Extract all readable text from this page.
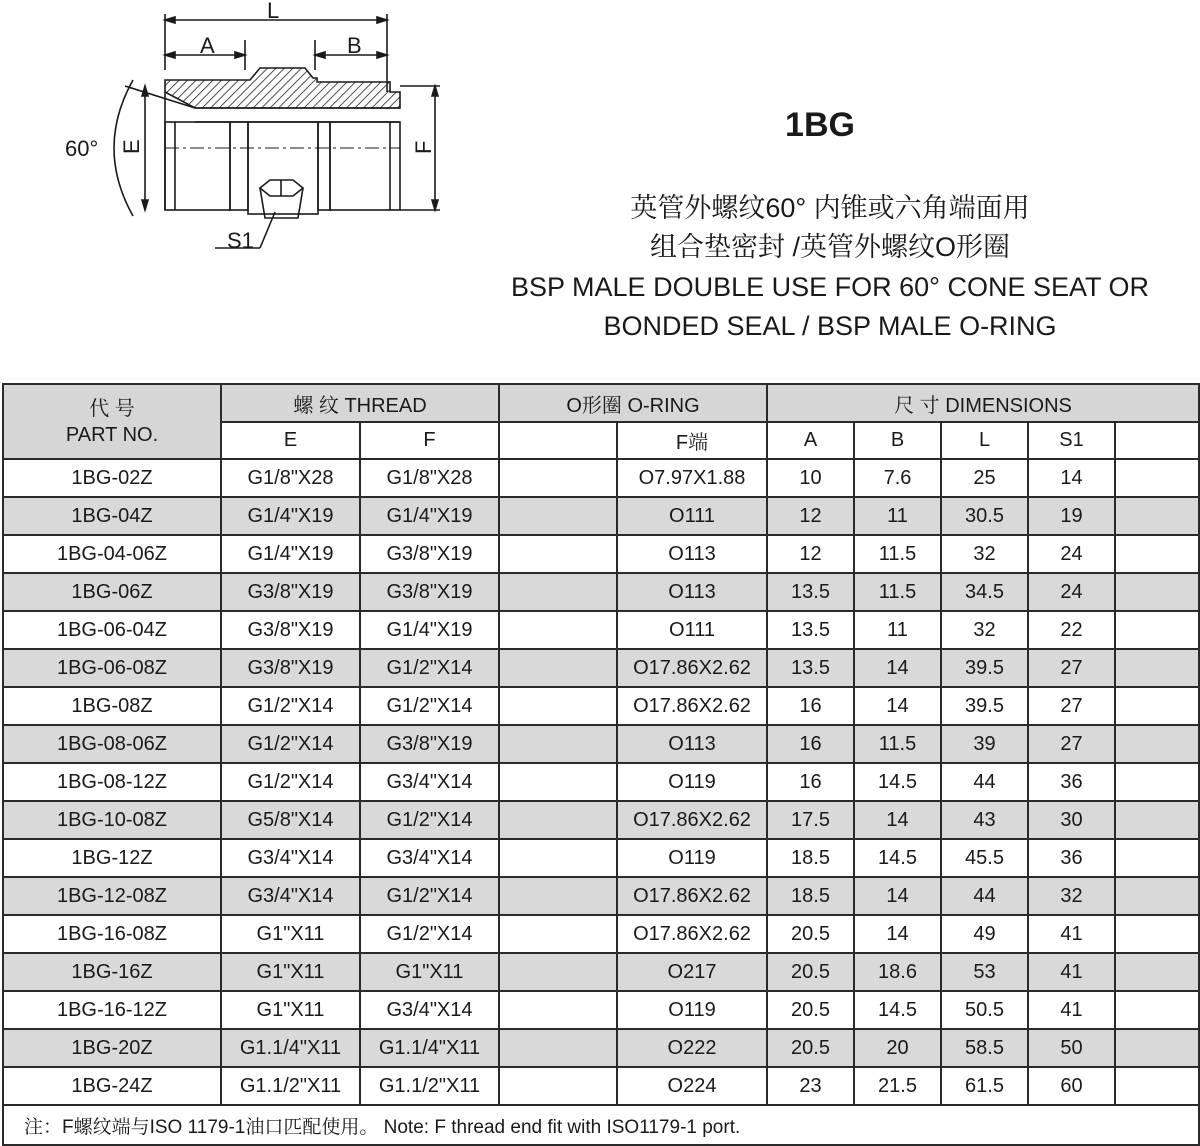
L
A	B
S1
60° E	F
1BG
英管外螺纹60° 内锥或六角端面用
组合垫密封 /英管外螺纹O形圈
BSP MALE DOUBLE USE FOR 60° CONE SEAT OR
BONDED SEAL / BSP MALE O-RING
代 号
PART NO.	螺 纹 THREAD		O形圈 O-RING		尺 寸 DIMENSIONS				
	E	F		F端	A	B	L	S1	
1BG-02Z	G1/8"X28	G1/8"X28		O7.97X1.88	10	7.6	25	14	
1BG-04Z	G1/4"X19	G1/4"X19		O111	12	11	30.5	19	
1BG-04-06Z	G1/4"X19	G3/8"X19		O113	12	11.5	32	24	
1BG-06Z	G3/8"X19	G3/8"X19		O113	13.5	11.5	34.5	24	
1BG-06-04Z	G3/8"X19	G1/4"X19		O111	13.5	11	32	22	
1BG-06-08Z	G3/8"X19	G1/2"X14		O17.86X2.62	13.5	14	39.5	27	
1BG-08Z	G1/2"X14	G1/2"X14		O17.86X2.62	16	14	39.5	27	
1BG-08-06Z	G1/2"X14	G3/8"X19		O113	16	11.5	39	27	
1BG-08-12Z	G1/2"X14	G3/4"X14		O119	16	14.5	44	36	
1BG-10-08Z	G5/8"X14	G1/2"X14		O17.86X2.62	17.5	14	43	30	
1BG-12Z	G3/4"X14	G3/4"X14		O119	18.5	14.5	45.5	36	
1BG-12-08Z	G3/4"X14	G1/2"X14		O17.86X2.62	18.5	14	44	32	
1BG-16-08Z	G1"X11	G1/2"X14		O17.86X2.62	20.5	14	49	41	
1BG-16Z	G1"X11	G1"X11		O217	20.5	18.6	53	41	
1BG-16-12Z	G1"X11	G3/4"X14		O119	20.5	14.5	50.5	41	
1BG-20Z	G1.1/4"X11	G1.1/4"X11		O222	20.5	20	58.5	50	
1BG-24Z	G1.1/2"X11	G1.1/2"X11		O224	23	21.5	61.5	60	
注：F螺纹端与ISO 1179-1油口匹配使用。 Note: F thread end fit with ISO1179-1 port.									
